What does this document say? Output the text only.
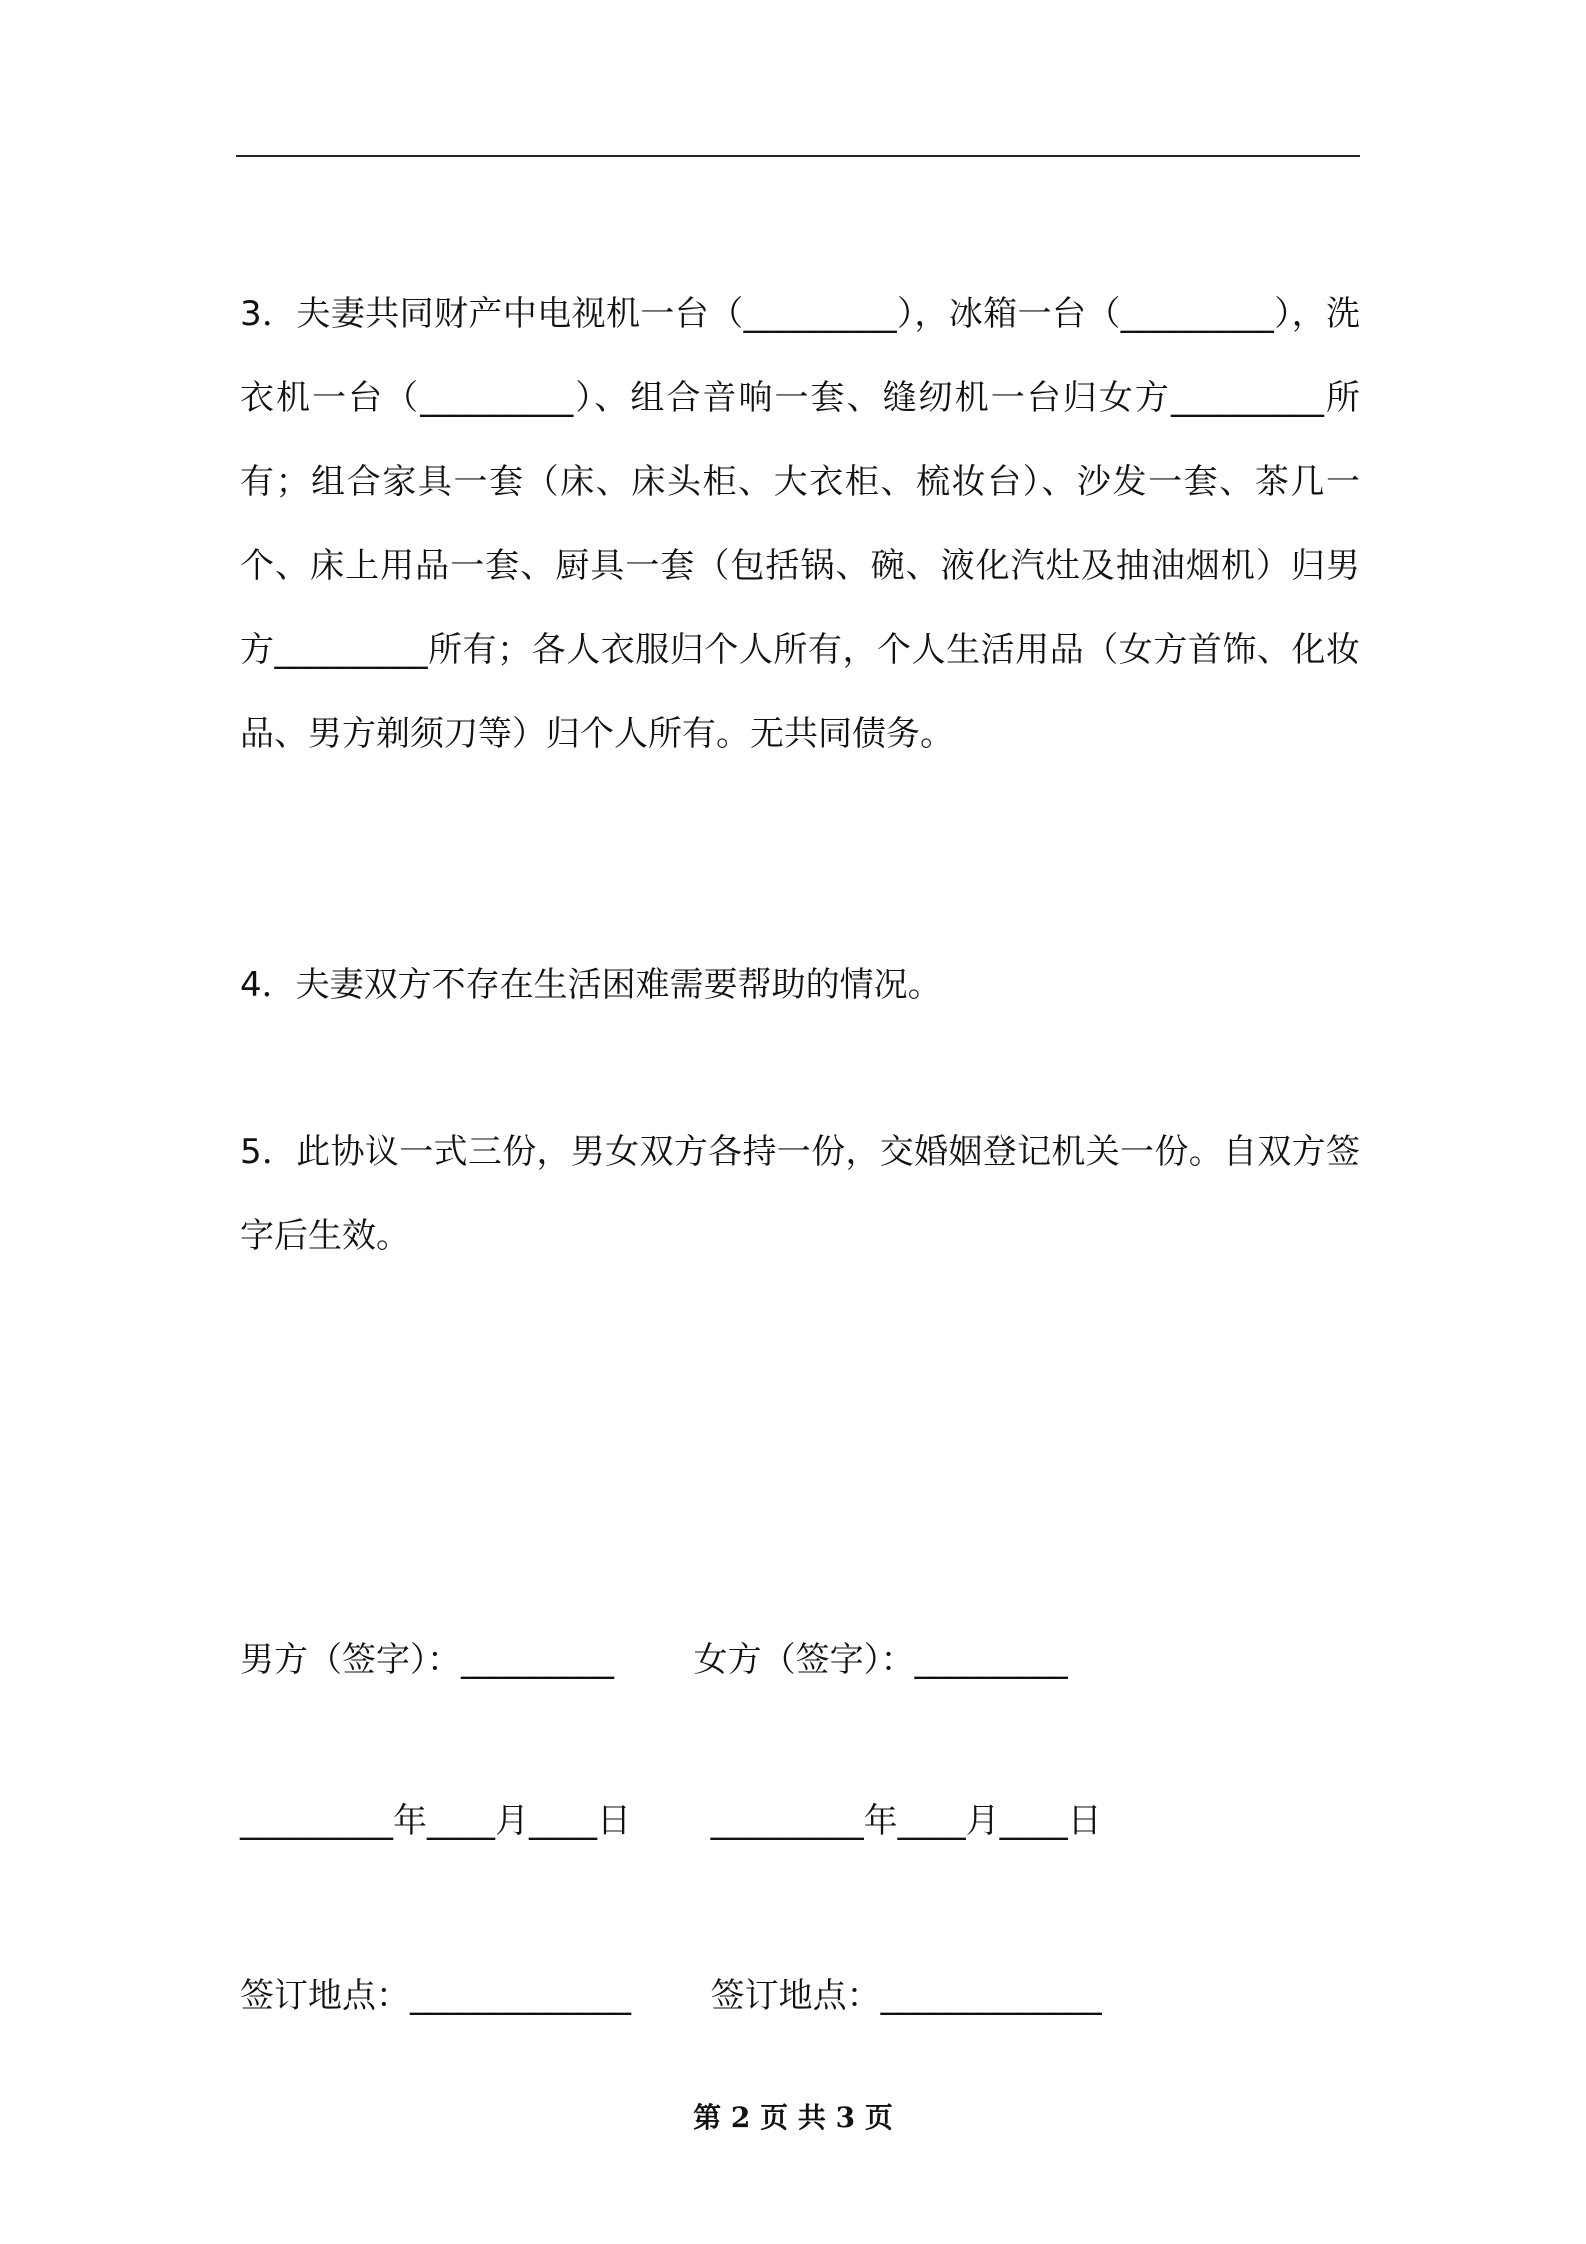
3．夫妻共同财产中电视机一台（_________），冰箱一台（_________），洗衣机一台（_________）、组合音响一套、缝纫机一台归女方_________所有；组合家具一套（床、床头柜、大衣柜、梳妆台）、沙发一套、茶几一个、床上用品一套、厨具一套（包括锅、碗、液化汽灶及抽油烟机）归男方_________所有；各人衣服归个人所有，个人生活用品（女方首饰、化妆品、男方剃须刀等）归个人所有。无共同债务。

4．夫妻双方不存在生活困难需要帮助的情况。

5．此协议一式三份，男女双方各持一份，交婚姻登记机关一份。自双方签字后生效。

男方（签字）：_________ 女方（签字）：_________
_________年____月____日 _________年____月____日
签订地点：_____________ 签订地点：_____________
第 2 页 共 3 页
